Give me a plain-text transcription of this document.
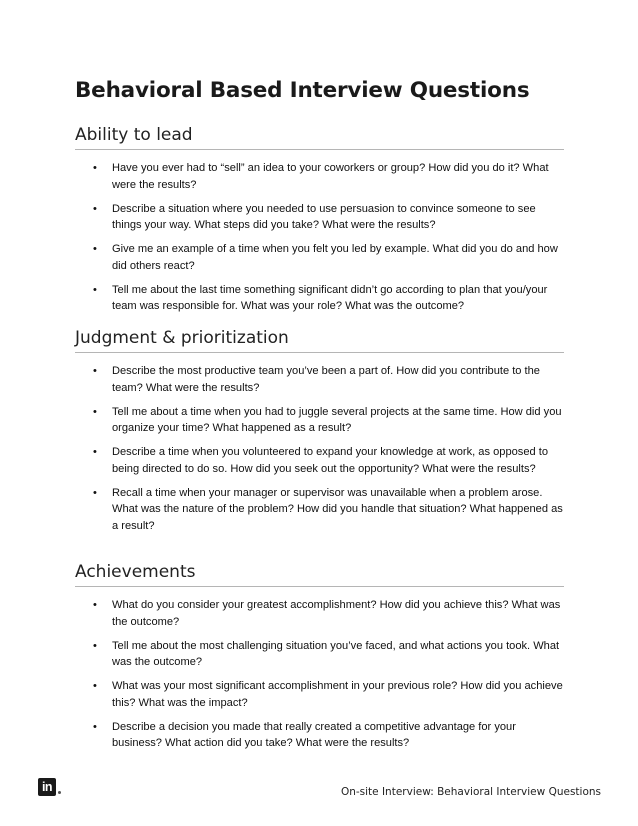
Behavioral Based Interview Questions
Ability to lead
• Have you ever had to “sell” an idea to your coworkers or group? How did you do it? What were the results?
• Describe a situation where you needed to use persuasion to convince someone to see things your way. What steps did you take? What were the results?
• Give me an example of a time when you felt you led by example. What did you do and how did others react?
• Tell me about the last time something significant didn’t go according to plan that you/your team was responsible for. What was your role? What was the outcome?
Judgment & prioritization
• Describe the most productive team you’ve been a part of. How did you contribute to the team? What were the results?
• Tell me about a time when you had to juggle several projects at the same time. How did you organize your time? What happened as a result?
• Describe a time when you volunteered to expand your knowledge at work, as opposed to being directed to do so. How did you seek out the opportunity? What were the results?
• Recall a time when your manager or supervisor was unavailable when a problem arose. What was the nature of the problem? How did you handle that situation? What happened as a result?
Achievements
• What do you consider your greatest accomplishment? How did you achieve this? What was the outcome?
• Tell me about the most challenging situation you’ve faced, and what actions you took. What was the outcome?
• What was your most significant accomplishment in your previous role? How did you achieve this? What was the impact?
• Describe a decision you made that really created a competitive advantage for your business? What action did you take? What were the results?
in	On-site Interview: Behavioral Interview Questions
